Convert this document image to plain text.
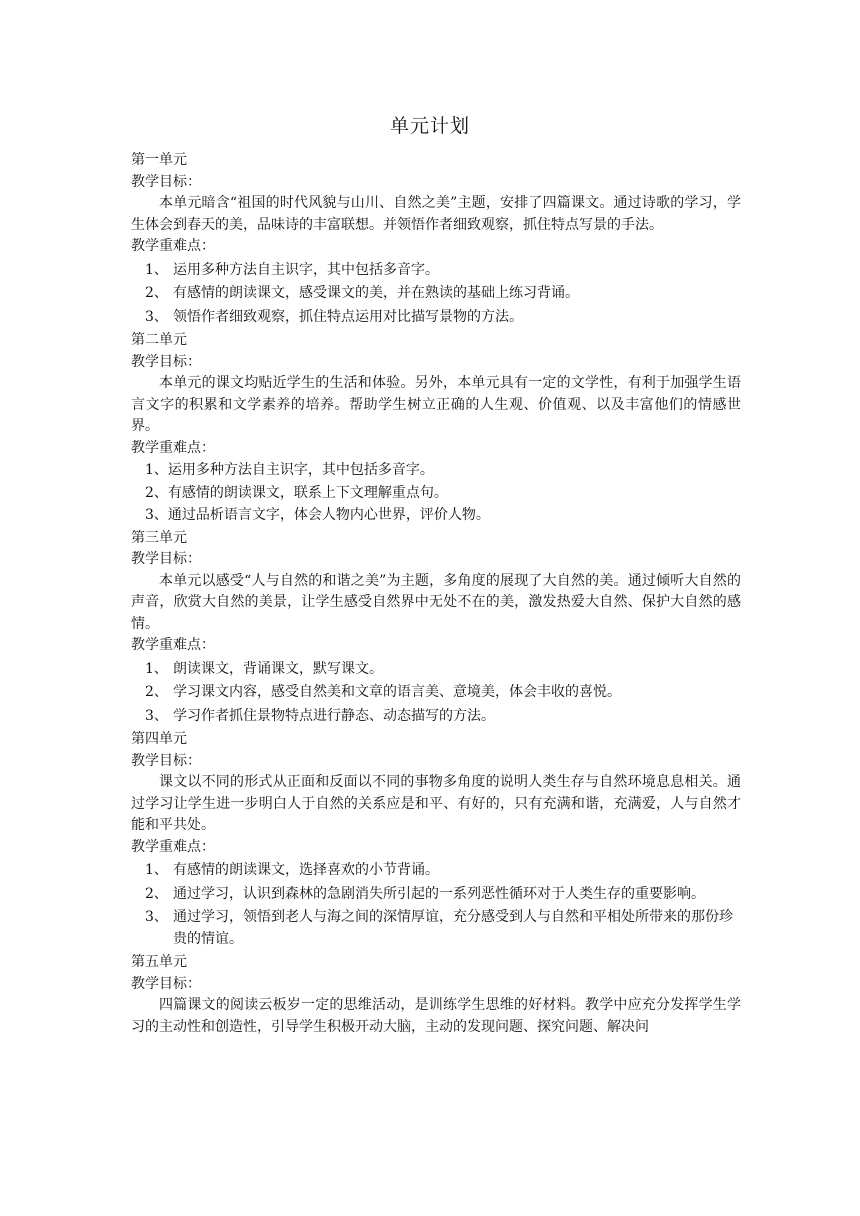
单元计划

第一单元

教学目标：

本单元暗含“祖国的时代风貌与山川、自然之美”主题，安排了四篇课文。通过诗歌的学习，学生体会到春天的美，品味诗的丰富联想。并领悟作者细致观察，抓住特点写景的手法。

教学重难点：

1、 运用多种方法自主识字，其中包括多音字。
2、 有感情的朗读课文，感受课文的美，并在熟读的基础上练习背诵。
3、 领悟作者细致观察，抓住特点运用对比描写景物的方法。

第二单元

教学目标：

本单元的课文均贴近学生的生活和体验。另外，本单元具有一定的文学性，有利于加强学生语言文字的积累和文学素养的培养。帮助学生树立正确的人生观、价值观、以及丰富他们的情感世界。

教学重难点：

1、 运用多种方法自主识字，其中包括多音字。
2、 有感情的朗读课文，联系上下文理解重点句。
3、 通过品析语言文字，体会人物内心世界，评价人物。

第三单元

教学目标：

本单元以感受“人与自然的和谐之美”为主题，多角度的展现了大自然的美。通过倾听大自然的声音，欣赏大自然的美景，让学生感受自然界中无处不在的美，激发热爱大自然、保护大自然的感情。

教学重难点：

1、 朗读课文，背诵课文，默写课文。
2、 学习课文内容，感受自然美和文章的语言美、意境美，体会丰收的喜悦。
3、 学习作者抓住景物特点进行静态、动态描写的方法。

第四单元

教学目标：

课文以不同的形式从正面和反面以不同的事物多角度的说明人类生存与自然环境息息相关。通过学习让学生进一步明白人于自然的关系应是和平、有好的，只有充满和谐，充满爱，人与自然才能和平共处。

教学重难点：

1、 有感情的朗读课文，选择喜欢的小节背诵。
2、 通过学习，认识到森林的急剧消失所引起的一系列恶性循环对于人类生存的重要影响。
3、 通过学习，领悟到老人与海之间的深情厚谊，充分感受到人与自然和平相处所带来的那份珍贵的情谊。

第五单元

教学目标：

四篇课文的阅读云板岁一定的思维活动，是训练学生思维的好材料。教学中应充分发挥学生学习的主动性和创造性，引导学生积极开动大脑，主动的发现问题、探究问题、解决问
